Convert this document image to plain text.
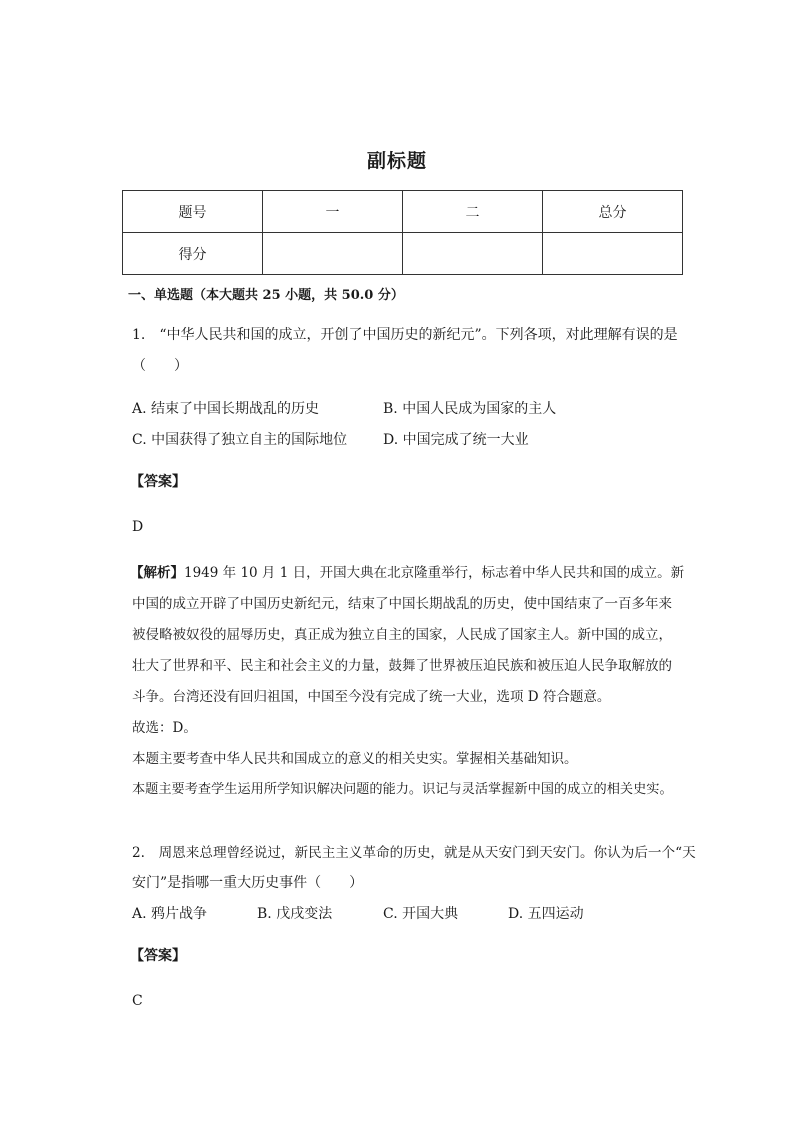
副标题
题号	一	二	总分
得分			
一、单选题（本大题共 25 小题，共 50.0 分）
1.　“中华人民共和国的成立，开创了中国历史的新纪元”。下列各项，对此理解有误的是
（　　）
A. 结束了中国长期战乱的历史	B. 中国人民成为国家的主人
C. 中国获得了独立自主的国际地位	D. 中国完成了统一大业
【答案】
D
【解析】1949 年 10 月 1 日，开国大典在北京隆重举行，标志着中华人民共和国的成立。新
中国的成立开辟了中国历史新纪元，结束了中国长期战乱的历史，使中国结束了一百多年来
被侵略被奴役的屈辱历史，真正成为独立自主的国家，人民成了国家主人。新中国的成立，
壮大了世界和平、民主和社会主义的力量，鼓舞了世界被压迫民族和被压迫人民争取解放的
斗争。台湾还没有回归祖国，中国至今没有完成了统一大业，选项 D 符合题意。
故选：D。
本题主要考查中华人民共和国成立的意义的相关史实。掌握相关基础知识。
本题主要考查学生运用所学知识解决问题的能力。识记与灵活掌握新中国的成立的相关史实。
2.　周恩来总理曾经说过，新民主主义革命的历史，就是从天安门到天安门。你认为后一个“天
安门”是指哪一重大历史事件（　　）
A. 鸦片战争	B. 戊戌变法	C. 开国大典	D. 五四运动
【答案】
C
